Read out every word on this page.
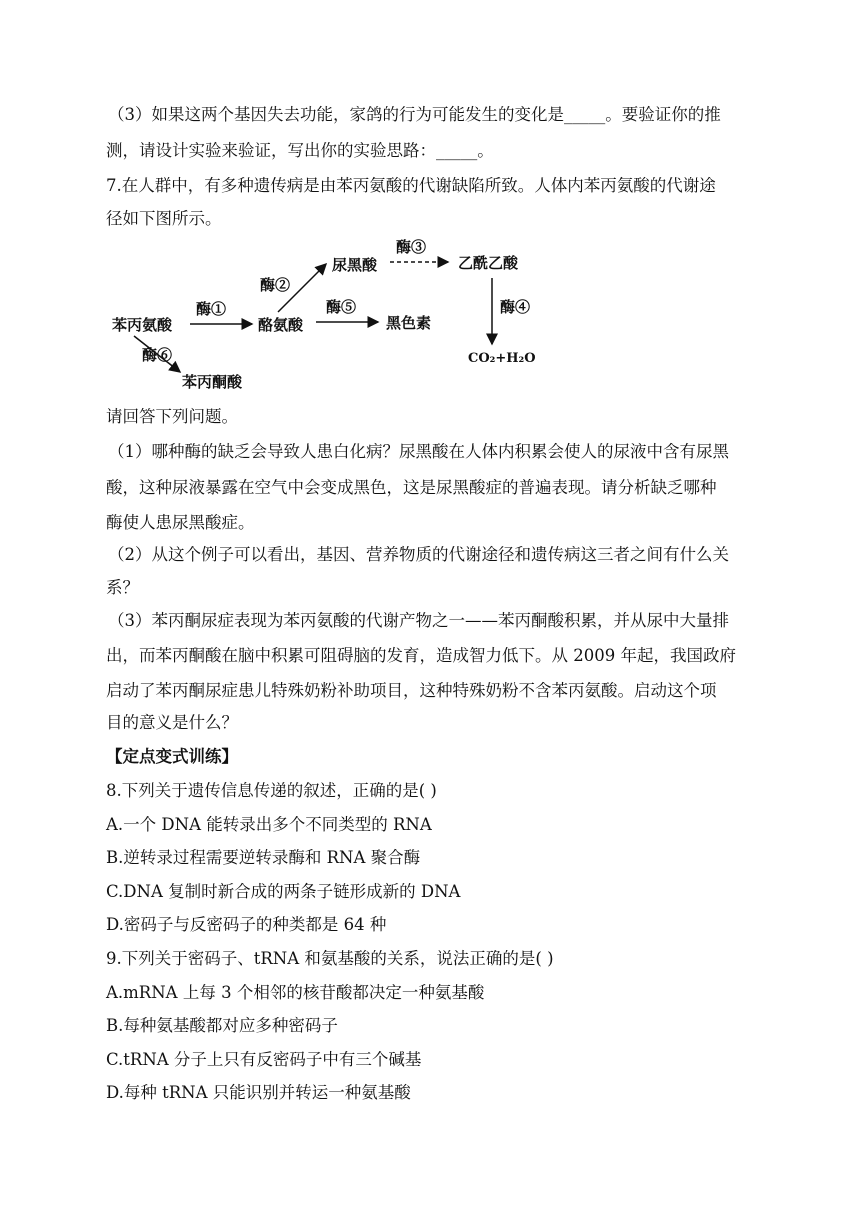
（3）如果这两个基因失去功能，家鸽的行为可能发生的变化是_____。要验证你的推
测，请设计实验来验证，写出你的实验思路：_____。
7.在人群中，有多种遗传病是由苯丙氨酸的代谢缺陷所致。人体内苯丙氨酸的代谢途
径如下图所示。
苯丙氨酸	酪氨酸
尿黑酸	乙酰乙酸
黑色素
苯丙酮酸
CO₂+H₂O
酶①
酶②
酶③
酶④
酶⑤
酶⑥
请回答下列问题。
（1）哪种酶的缺乏会导致人患白化病？尿黑酸在人体内积累会使人的尿液中含有尿黑
酸，这种尿液暴露在空气中会变成黑色，这是尿黑酸症的普遍表现。请分析缺乏哪种
酶使人患尿黑酸症。
（2）从这个例子可以看出，基因、营养物质的代谢途径和遗传病这三者之间有什么关
系？
（3）苯丙酮尿症表现为苯丙氨酸的代谢产物之一——苯丙酮酸积累，并从尿中大量排
出，而苯丙酮酸在脑中积累可阻碍脑的发育，造成智力低下。从 2009 年起，我国政府
启动了苯丙酮尿症患儿特殊奶粉补助项目，这种特殊奶粉不含苯丙氨酸。启动这个项
目的意义是什么？
【定点变式训练】
8.下列关于遗传信息传递的叙述，正确的是( )
A.一个 DNA 能转录出多个不同类型的 RNA
B.逆转录过程需要逆转录酶和 RNA 聚合酶
C.DNA 复制时新合成的两条子链形成新的 DNA
D.密码子与反密码子的种类都是 64 种
9.下列关于密码子、tRNA 和氨基酸的关系，说法正确的是( )
A.mRNA 上每 3 个相邻的核苷酸都决定一种氨基酸
B.每种氨基酸都对应多种密码子
C.tRNA 分子上只有反密码子中有三个碱基
D.每种 tRNA 只能识别并转运一种氨基酸
